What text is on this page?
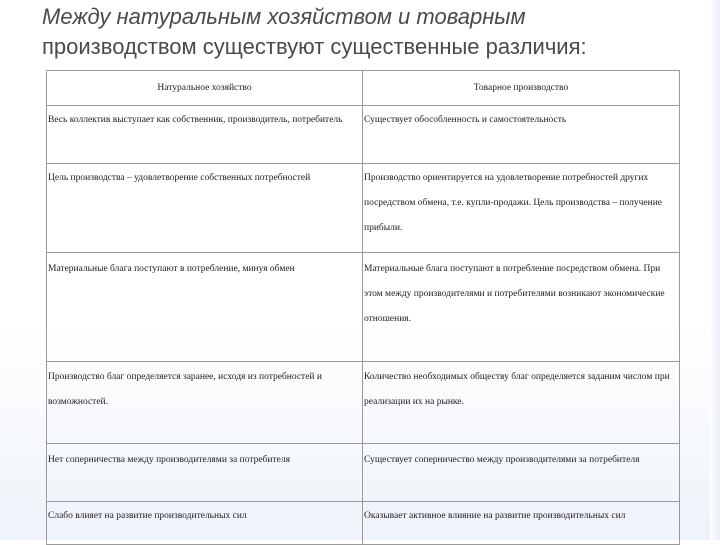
Между натуральным хозяйством и товарным
производством существуют существенные различия:
Натуральное хозяйство	Товарное производство
Весь коллектив выступает как собственник, производитель, потребитель	Существует обособленность и самостоятельность
Цель производства – удовлетворение собственных потребностей	Производство ориентируется на удовлетворение потребностей других посредством обмена, т.е. купли-продажи. Цель производства – получение прибыли.
Материальные блага поступают в потребление, минуя обмен	Материальные блага поступают в потребление посредством обмена. При этом между производителями и потребителями возникают экономические отношения.
Производство благ определяется заранее, исходя из потребностей и возможностей.	Количество необходимых обществу благ определяется заданим числом при реализации их на рынке.
Нет соперничества между производителями за потребителя	Существует соперничество между производителями за потребителя
Слабо влияет на развитие производительных сил	Оказывает активное влияние на развитие производительных сил
